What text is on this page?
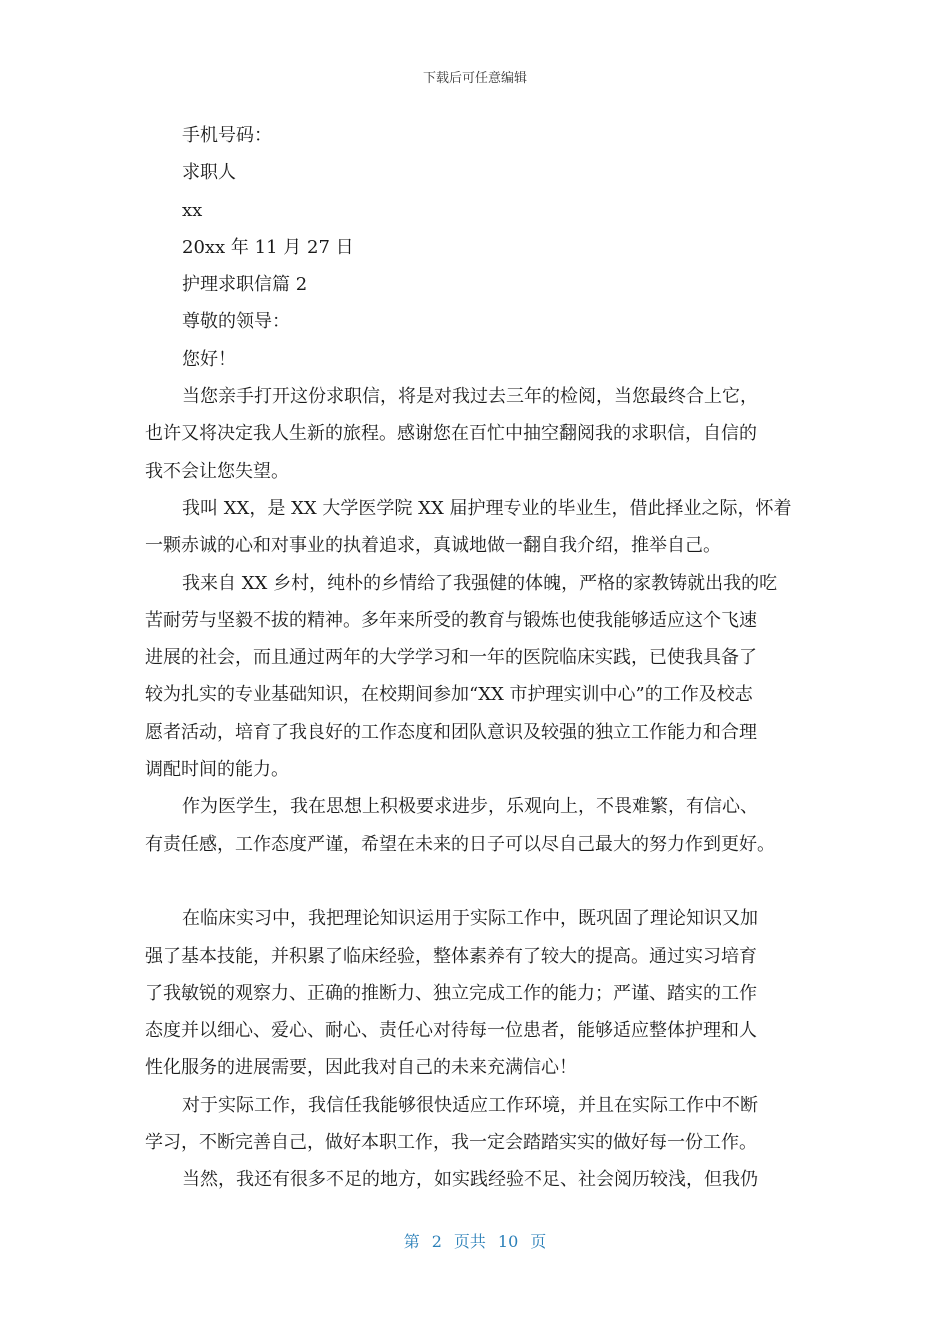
下载后可任意编辑
手机号码：
求职人
xx
20xx 年 11 月 27 日
护理求职信篇 2
尊敬的领导：
您好！
当您亲手打开这份求职信，将是对我过去三年的检阅，当您最终合上它，
也许又将决定我人生新的旅程。感谢您在百忙中抽空翻阅我的求职信，自信的
我不会让您失望。
我叫 XX，是 XX 大学医学院 XX 届护理专业的毕业生，借此择业之际，怀着
一颗赤诚的心和对事业的执着追求，真诚地做一翻自我介绍，推举自己。
我来自 XX 乡村，纯朴的乡情给了我强健的体魄，严格的家教铸就出我的吃
苦耐劳与坚毅不拔的精神。多年来所受的教育与锻炼也使我能够适应这个飞速
进展的社会，而且通过两年的大学学习和一年的医院临床实践，已使我具备了
较为扎实的专业基础知识，在校期间参加“XX 市护理实训中心”的工作及校志
愿者活动，培育了我良好的工作态度和团队意识及较强的独立工作能力和合理
调配时间的能力。
作为医学生，我在思想上积极要求进步，乐观向上，不畏难繁，有信心、
有责任感，工作态度严谨，希望在未来的日子可以尽自己最大的努力作到更好。
在临床实习中，我把理论知识运用于实际工作中，既巩固了理论知识又加
强了基本技能，并积累了临床经验，整体素养有了较大的提高。通过实习培育
了我敏锐的观察力、正确的推断力、独立完成工作的能力；严谨、踏实的工作
态度并以细心、爱心、耐心、责任心对待每一位患者，能够适应整体护理和人
性化服务的进展需要，因此我对自己的未来充满信心！
对于实际工作，我信任我能够很快适应工作环境，并且在实际工作中不断
学习，不断完善自己，做好本职工作，我一定会踏踏实实的做好每一份工作。
当然，我还有很多不足的地方，如实践经验不足、社会阅历较浅，但我仍
第 2 页共 10 页
